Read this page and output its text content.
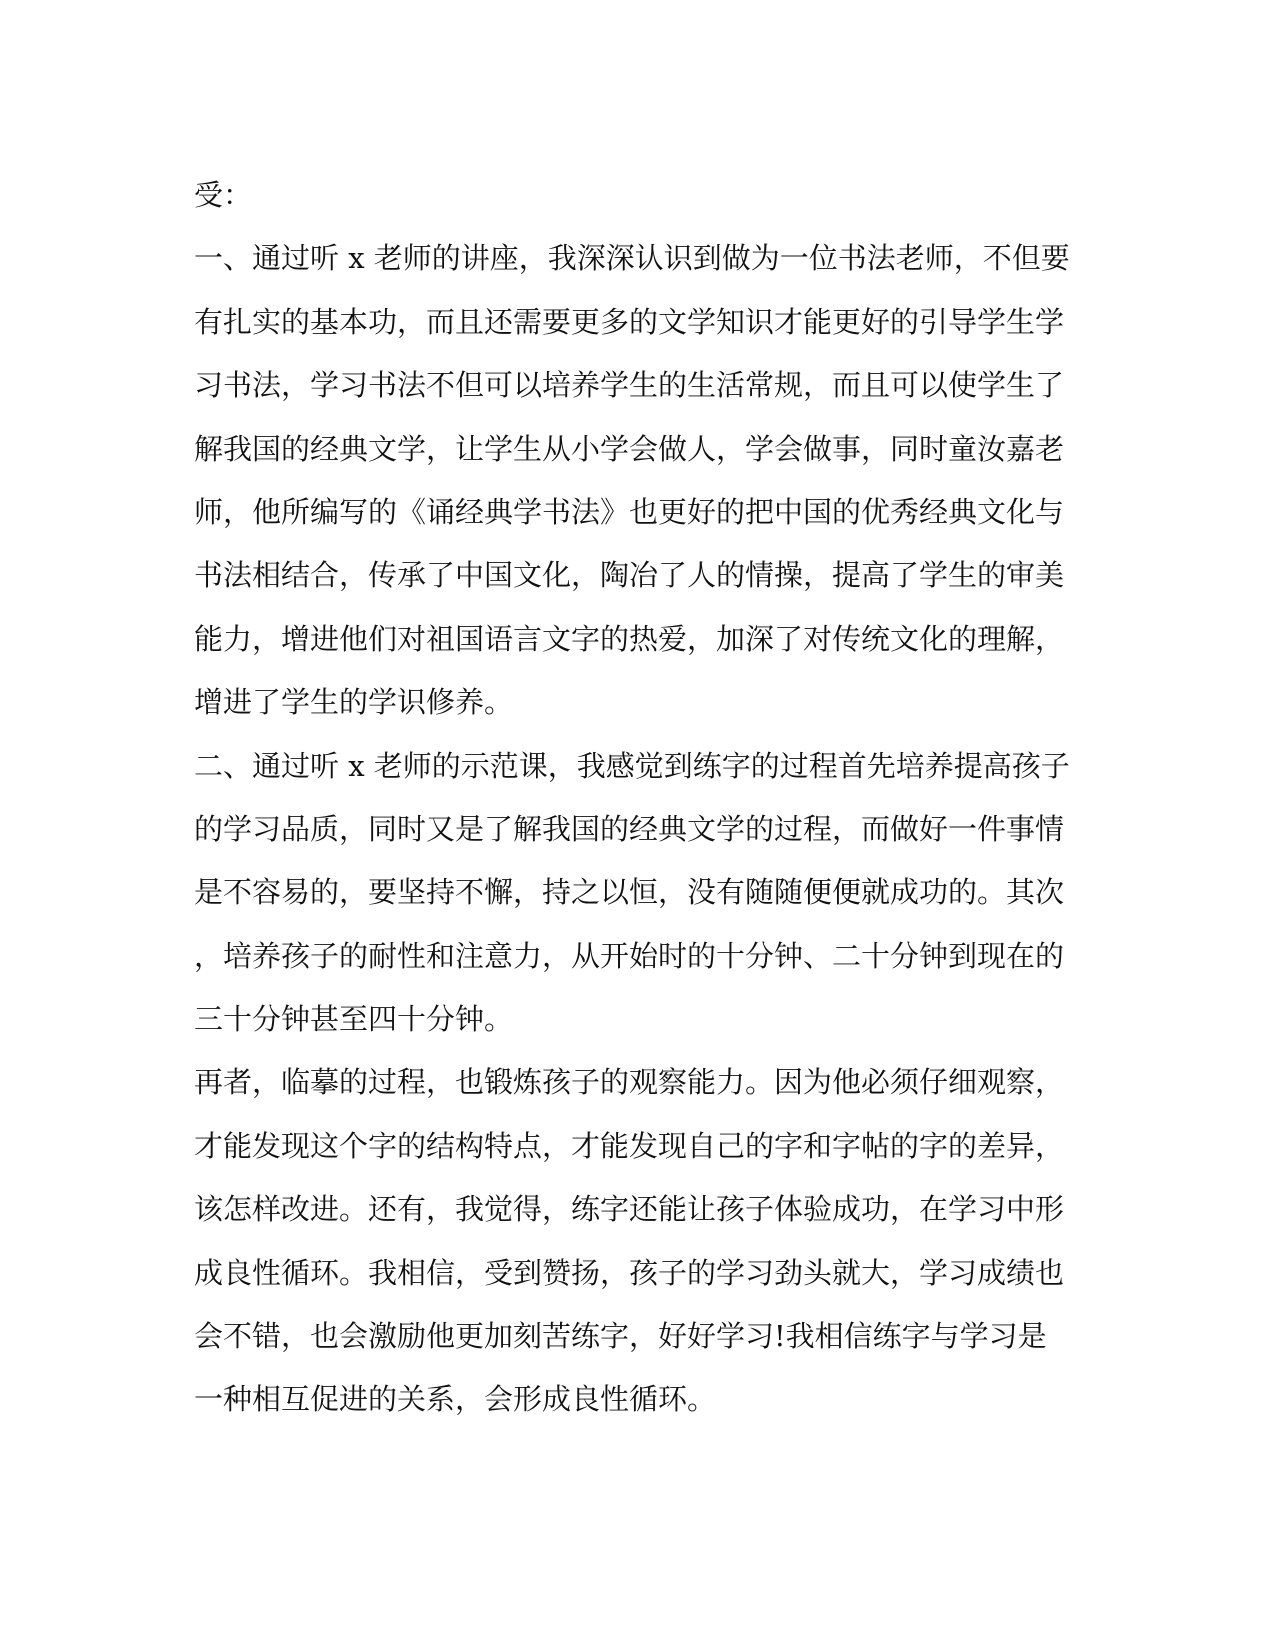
受：
一、通过听 x 老师的讲座，我深深认识到做为一位书法老师，不但要
有扎实的基本功，而且还需要更多的文学知识才能更好的引导学生学
习书法，学习书法不但可以培养学生的生活常规，而且可以使学生了
解我国的经典文学，让学生从小学会做人，学会做事，同时童汝嘉老
师，他所编写的《诵经典学书法》也更好的把中国的优秀经典文化与
书法相结合，传承了中国文化，陶冶了人的情操，提高了学生的审美
能力，增进他们对祖国语言文字的热爱，加深了对传统文化的理解，
增进了学生的学识修养。
二、通过听 x 老师的示范课，我感觉到练字的过程首先培养提高孩子
的学习品质，同时又是了解我国的经典文学的过程，而做好一件事情
是不容易的，要坚持不懈，持之以恒，没有随随便便就成功的。其次
，培养孩子的耐性和注意力，从开始时的十分钟、二十分钟到现在的
三十分钟甚至四十分钟。
再者，临摹的过程，也锻炼孩子的观察能力。因为他必须仔细观察，
才能发现这个字的结构特点，才能发现自己的字和字帖的字的差异，
该怎样改进。还有，我觉得，练字还能让孩子体验成功，在学习中形
成良性循环。我相信，受到赞扬，孩子的学习劲头就大，学习成绩也
会不错，也会激励他更加刻苦练字，好好学习!我相信练字与学习是
一种相互促进的关系，会形成良性循环。
